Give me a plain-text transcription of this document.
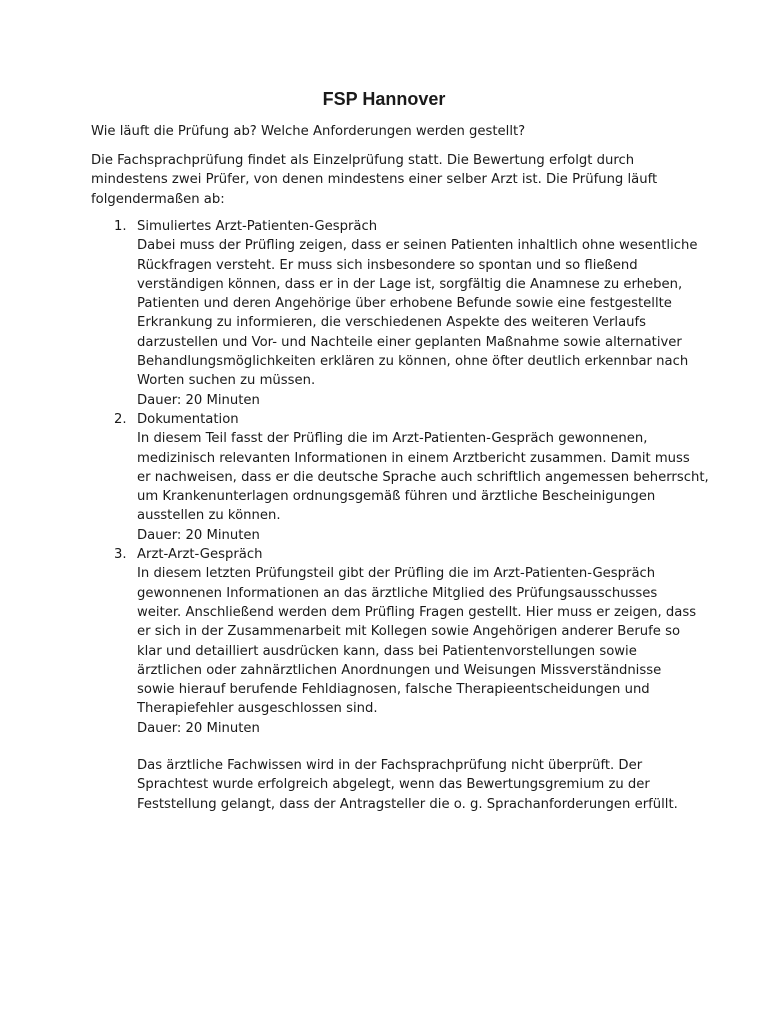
FSP Hannover

Wie läuft die Prüfung ab? Welche Anforderungen werden gestellt?

Die Fachsprachprüfung findet als Einzelprüfung statt. Die Bewertung erfolgt durch
mindestens zwei Prüfer, von denen mindestens einer selber Arzt ist. Die Prüfung läuft
folgendermaßen ab:

1. Simuliertes Arzt-Patienten-Gespräch
Dabei muss der Prüfling zeigen, dass er seinen Patienten inhaltlich ohne wesentliche
Rückfragen versteht. Er muss sich insbesondere so spontan und so fließend
verständigen können, dass er in der Lage ist, sorgfältig die Anamnese zu erheben,
Patienten und deren Angehörige über erhobene Befunde sowie eine festgestellte
Erkrankung zu informieren, die verschiedenen Aspekte des weiteren Verlaufs
darzustellen und Vor- und Nachteile einer geplanten Maßnahme sowie alternativer
Behandlungsmöglichkeiten erklären zu können, ohne öfter deutlich erkennbar nach
Worten suchen zu müssen.
Dauer: 20 Minuten
2. Dokumentation
In diesem Teil fasst der Prüfling die im Arzt-Patienten-Gespräch gewonnenen,
medizinisch relevanten Informationen in einem Arztbericht zusammen. Damit muss
er nachweisen, dass er die deutsche Sprache auch schriftlich angemessen beherrscht,
um Krankenunterlagen ordnungsgemäß führen und ärztliche Bescheinigungen
ausstellen zu können.
Dauer: 20 Minuten
3. Arzt-Arzt-Gespräch
In diesem letzten Prüfungsteil gibt der Prüfling die im Arzt-Patienten-Gespräch
gewonnenen Informationen an das ärztliche Mitglied des Prüfungsausschusses
weiter. Anschließend werden dem Prüfling Fragen gestellt. Hier muss er zeigen, dass
er sich in der Zusammenarbeit mit Kollegen sowie Angehörigen anderer Berufe so
klar und detailliert ausdrücken kann, dass bei Patientenvorstellungen sowie
ärztlichen oder zahnärztlichen Anordnungen und Weisungen Missverständnisse
sowie hierauf berufende Fehldiagnosen, falsche Therapieentscheidungen und
Therapiefehler ausgeschlossen sind.
Dauer: 20 Minuten

Das ärztliche Fachwissen wird in der Fachsprachprüfung nicht überprüft. Der
Sprachtest wurde erfolgreich abgelegt, wenn das Bewertungsgremium zu der
Feststellung gelangt, dass der Antragsteller die o. g. Sprachanforderungen erfüllt.
